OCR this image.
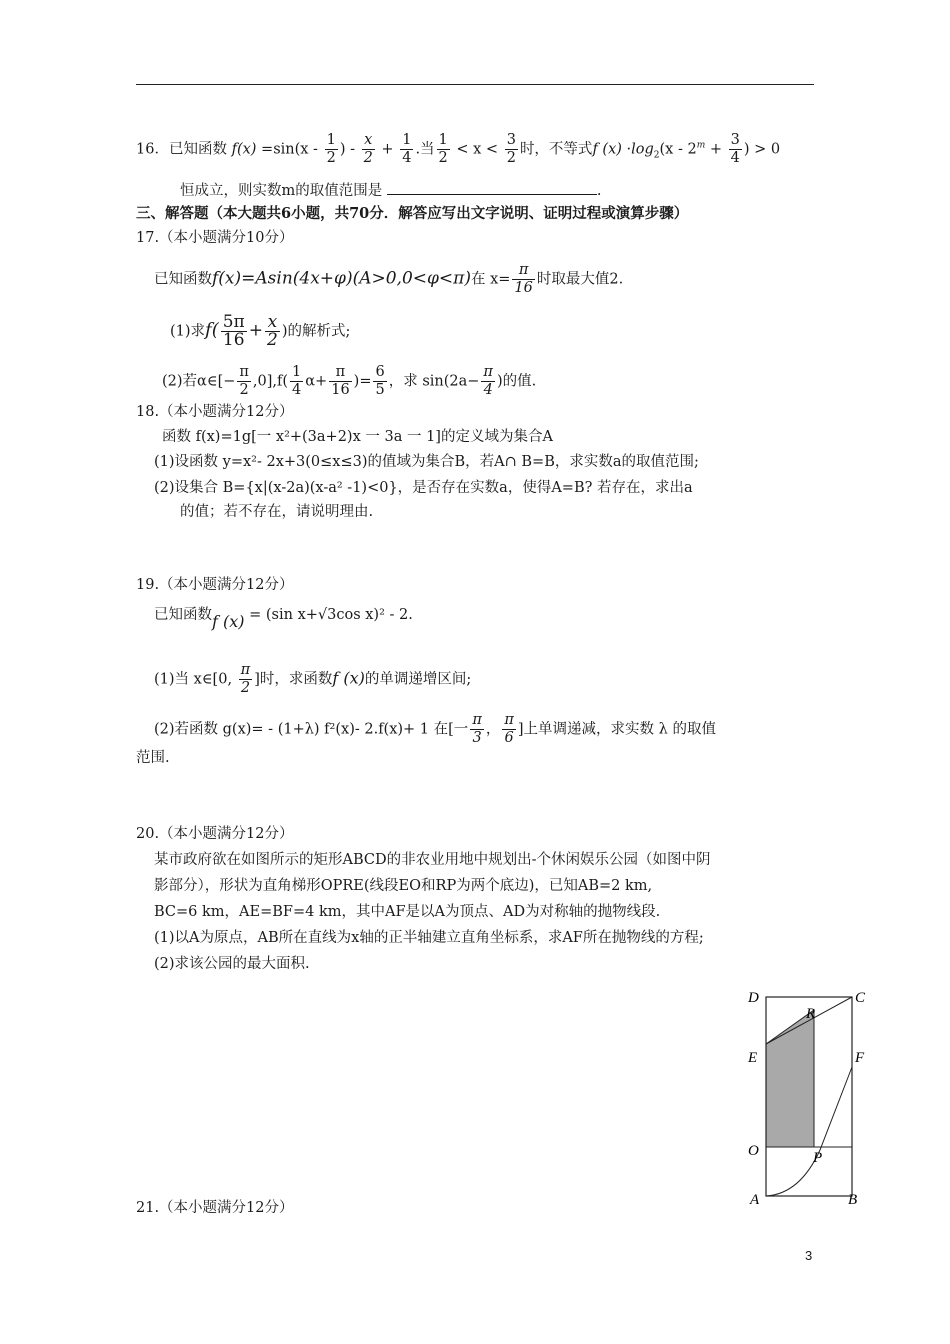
16．已知函数 $f(x) =\sin(x - \frac{1}{2}$ ) - $\frac{x}{2} + \frac{1}{4}$ .当 $\frac{1}{2} < x < \frac{3}{2}$ 时，不等式f $(x) \cdot\log_2(x - 2^m + \frac{3}{4}$ ) > 0
恒成立，则实数m的取值范围是	.
三、解答题（本大题共6小题，共70分．解答应写出文字说明、证明过程或演算步骤）
17.（本小题满分10分）
已知函数f(x)=Asin(4x+φ)(A>0,0<φ<π)在 $x= \frac{\pi}{16}$ 时取最大值2.
(1)求$f( \frac{5\pi}{16} + \frac{x}{2}$ )的解析式;
(2)若α∈[− $\frac{\pi}{2} ,0],f( \frac{1}{4} \alpha+ \frac{\pi}{16}$ )= $\frac{6}{5}$ ，求 $\sin(2a- \frac{\pi}{4}$ )的值.
18.（本小题满分12分）
函数 f(x)=1g[一 x²+(3a+2)x 一 3a 一 1]的定义域为集合A
(1)设函数 y=x²- 2x+3(0≤x≤3)的值域为集合B，若A∩ B=B，求实数a的取值范围;
(2)设集合 B={x|(x-2a)(x-a² -1)<0}，是否存在实数a，使得A=B? 若存在，求出a
的值；若不存在，请说明理由.
19.（本小题满分12分）
已知函数f (x) = (sin x+√3cos x)² - 2.
(1)当 x∈[0, $\frac{\pi}{2}$ ]时，求函数f (x)的单调递增区间;
(2)若函数 g(x)= - (1+λ) f²(x)- 2.f(x)+ 1 在[一 $\frac{\pi}{3}$ ， $\frac{\pi}{6}$ ]上单调递减，求实数 λ 的取值
范围.
20.（本小题满分12分）
某市政府欲在如图所示的矩形ABCD的非农业用地中规划出-个休闲娱乐公园（如图中阴
影部分），形状为直角梯形OPRE(线段EO和RP为两个底边)，已知AB=2 km,
BC=6 km，AE=BF=4 km，其中AF是以A为顶点、AD为对称轴的抛物线段.
(1)以A为原点，AB所在直线为x轴的正半轴建立直角坐标系，求AF所在抛物线的方程;
(2)求该公园的最大面积.
D	C
R
E	F
O	P
A	B
21.（本小题满分12分）
3
